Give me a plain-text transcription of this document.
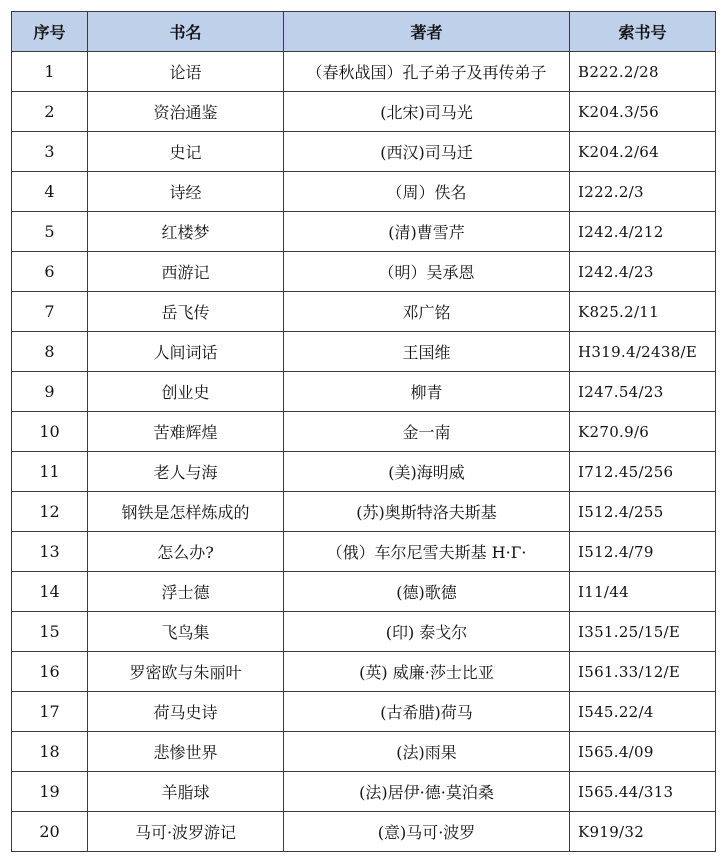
序号	书名	著者	索书号
1	论语	（春秋战国）孔子弟子及再传弟子	B222.2/28
2	资治通鉴	(北宋)司马光	K204.3/56
3	史记	(西汉)司马迁	K204.2/64
4	诗经	（周）佚名	I222.2/3
5	红楼梦	(清)曹雪芹	I242.4/212
6	西游记	（明）吴承恩	I242.4/23
7	岳飞传	邓广铭	K825.2/11
8	人间词话	王国维	H319.4/2438/E
9	创业史	柳青	I247.54/23
10	苦难辉煌	金一南	K270.9/6
11	老人与海	(美)海明威	I712.45/256
12	钢铁是怎样炼成的	(苏)奥斯特洛夫斯基	I512.4/255
13	怎么办?	（俄）车尔尼雪夫斯基 Н·Г·	I512.4/79
14	浮士德	(德)歌德	I11/44
15	飞鸟集	(印) 泰戈尔	I351.25/15/E
16	罗密欧与朱丽叶	(英) 威廉·莎士比亚	I561.33/12/E
17	荷马史诗	(古希腊)荷马	I545.22/4
18	悲惨世界	(法)雨果	I565.4/09
19	羊脂球	(法)居伊·德·莫泊桑	I565.44/313
20	马可·波罗游记	(意)马可·波罗	K919/32
